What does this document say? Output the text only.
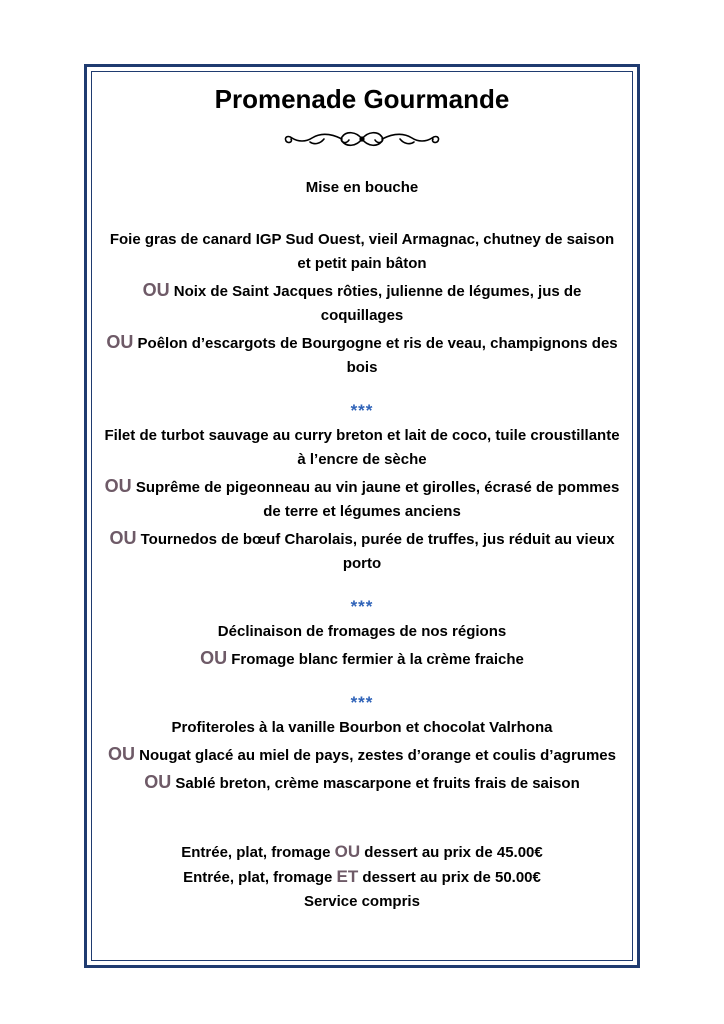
Promenade Gourmande
Mise en bouche
Foie gras de canard IGP Sud Ouest, vieil Armagnac, chutney de saison et petit pain bâton
OU Noix de Saint Jacques rôties, julienne de légumes, jus de coquillages
OU Poêlon d’escargots de Bourgogne et ris de veau, champignons des bois
***
Filet de turbot sauvage au curry breton et lait de coco, tuile croustillante à l’encre de sèche
OU Suprême de pigeonneau au vin jaune et girolles, écrasé de pommes de terre et légumes anciens
OU Tournedos de bœuf Charolais, purée de truffes, jus réduit au vieux porto
***
Déclinaison de fromages de nos régions
OU Fromage blanc fermier à la crème fraiche
***
Profiteroles à la vanille Bourbon et chocolat Valrhona
OU Nougat glacé au miel de pays, zestes d’orange et coulis d’agrumes
OU Sablé breton, crème mascarpone et fruits frais de saison
Entrée, plat, fromage OU dessert au prix de 45.00€
Entrée, plat, fromage ET dessert au prix de 50.00€
Service compris
